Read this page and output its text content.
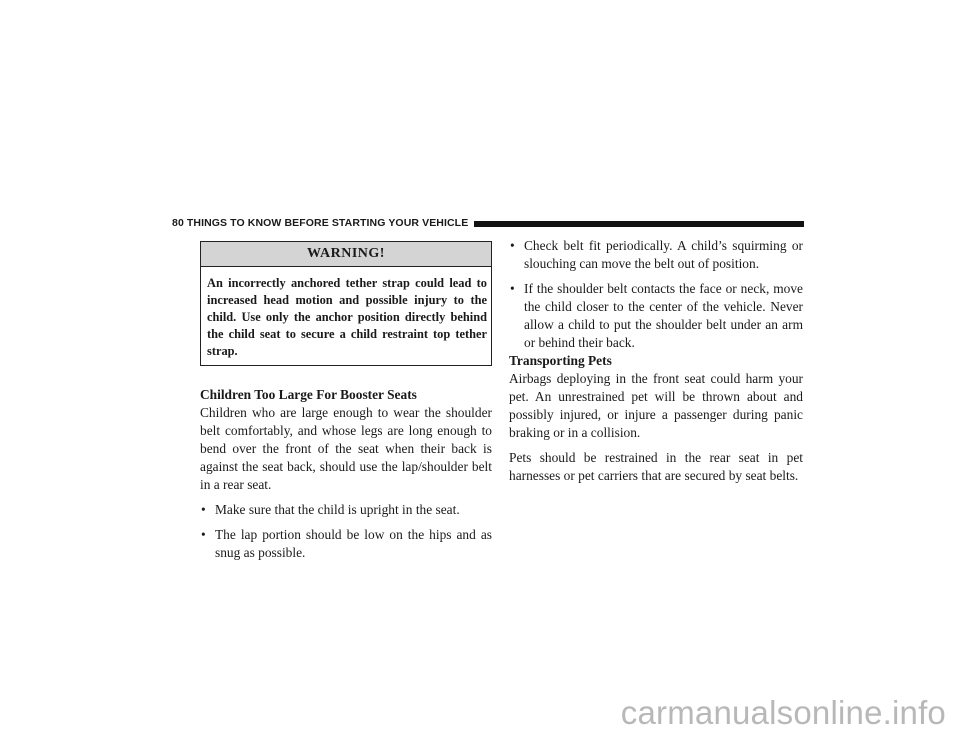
80 THINGS TO KNOW BEFORE STARTING YOUR VEHICLE
WARNING!
An incorrectly anchored tether strap could lead to increased head motion and possible injury to the child. Use only the anchor position directly behind the child seat to secure a child restraint top tether strap.
Children Too Large For Booster Seats

Children who are large enough to wear the shoulder belt comfortably, and whose legs are long enough to bend over the front of the seat when their back is against the seat back, should use the lap/shoulder belt in a rear seat.

• Make sure that the child is upright in the seat.
• The lap portion should be low on the hips and as snug as possible.
• Check belt fit periodically. A child’s squirming or slouching can move the belt out of position.
• If the shoulder belt contacts the face or neck, move the child closer to the center of the vehicle. Never allow a child to put the shoulder belt under an arm or behind their back.
Transporting Pets

Airbags deploying in the front seat could harm your pet. An unrestrained pet will be thrown about and possibly injured, or injure a passenger during panic braking or in a collision.

Pets should be restrained in the rear seat in pet harnesses or pet carriers that are secured by seat belts.

carmanualsonline.info
